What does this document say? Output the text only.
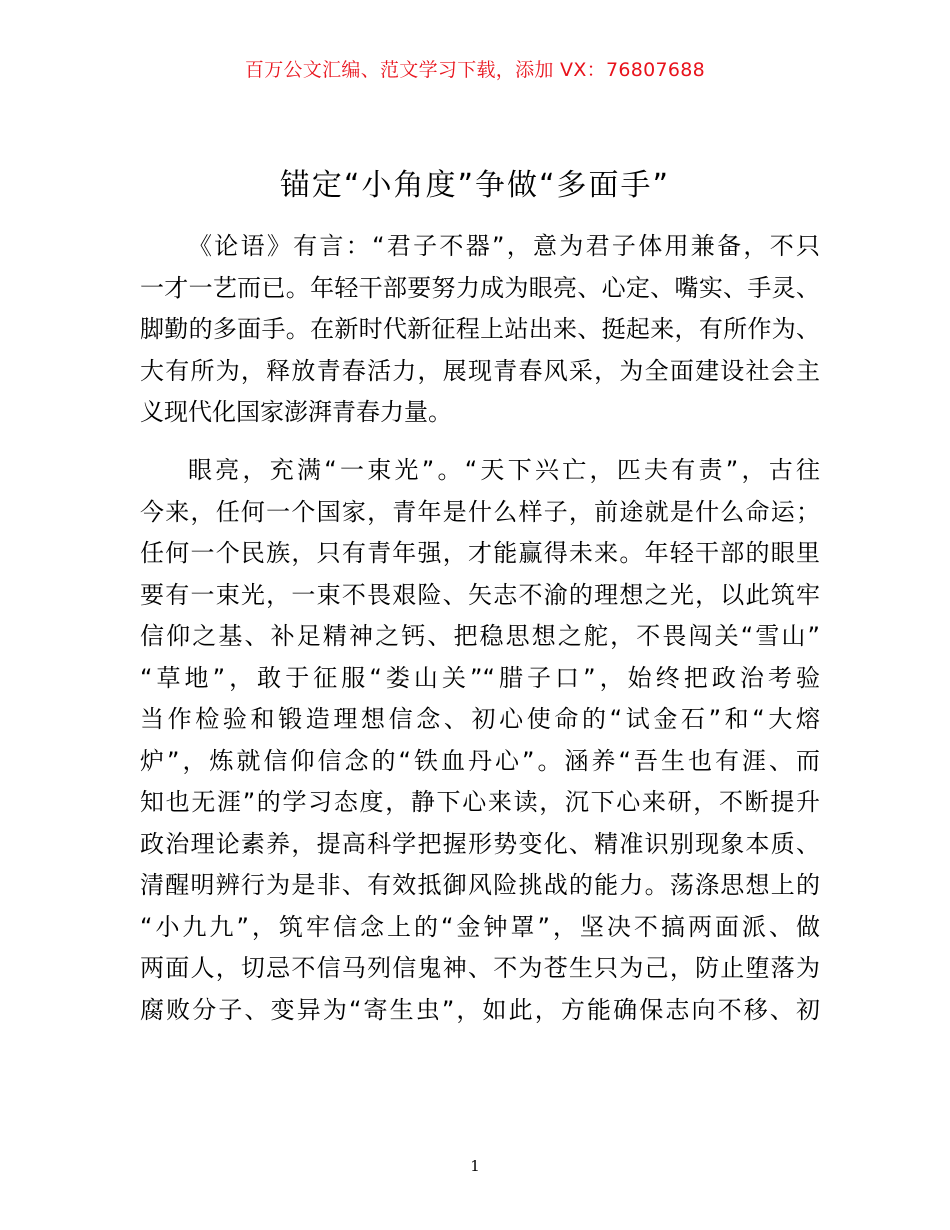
百万公文汇编、范文学习下载，添加 VX：76807688
锚定“小角度”争做“多面手”
《论语》有言：“君子不器”，意为君子体用兼备，不只
一才一艺而已。年轻干部要努力成为眼亮、心定、嘴实、手灵、
脚勤的多面手。在新时代新征程上站出来、挺起来，有所作为、
大有所为，释放青春活力，展现青春风采，为全面建设社会主
义现代化国家澎湃青春力量。
眼亮，充满“一束光”。“天下兴亡，匹夫有责”，古往
今来，任何一个国家，青年是什么样子，前途就是什么命运；
任何一个民族，只有青年强，才能赢得未来。年轻干部的眼里
要有一束光，一束不畏艰险、矢志不渝的理想之光，以此筑牢
信仰之基、补足精神之钙、把稳思想之舵，不畏闯关“雪山”
“草地”，敢于征服“娄山关”“腊子口”，始终把政治考验
当作检验和锻造理想信念、初心使命的“试金石”和“大熔
炉”，炼就信仰信念的“铁血丹心”。涵养“吾生也有涯、而
知也无涯”的学习态度，静下心来读，沉下心来研，不断提升
政治理论素养，提高科学把握形势变化、精准识别现象本质、
清醒明辨行为是非、有效抵御风险挑战的能力。荡涤思想上的
“小九九”，筑牢信念上的“金钟罩”，坚决不搞两面派、做
两面人，切忌不信马列信鬼神、不为苍生只为己，防止堕落为
腐败分子、变异为“寄生虫”，如此，方能确保志向不移、初
1
